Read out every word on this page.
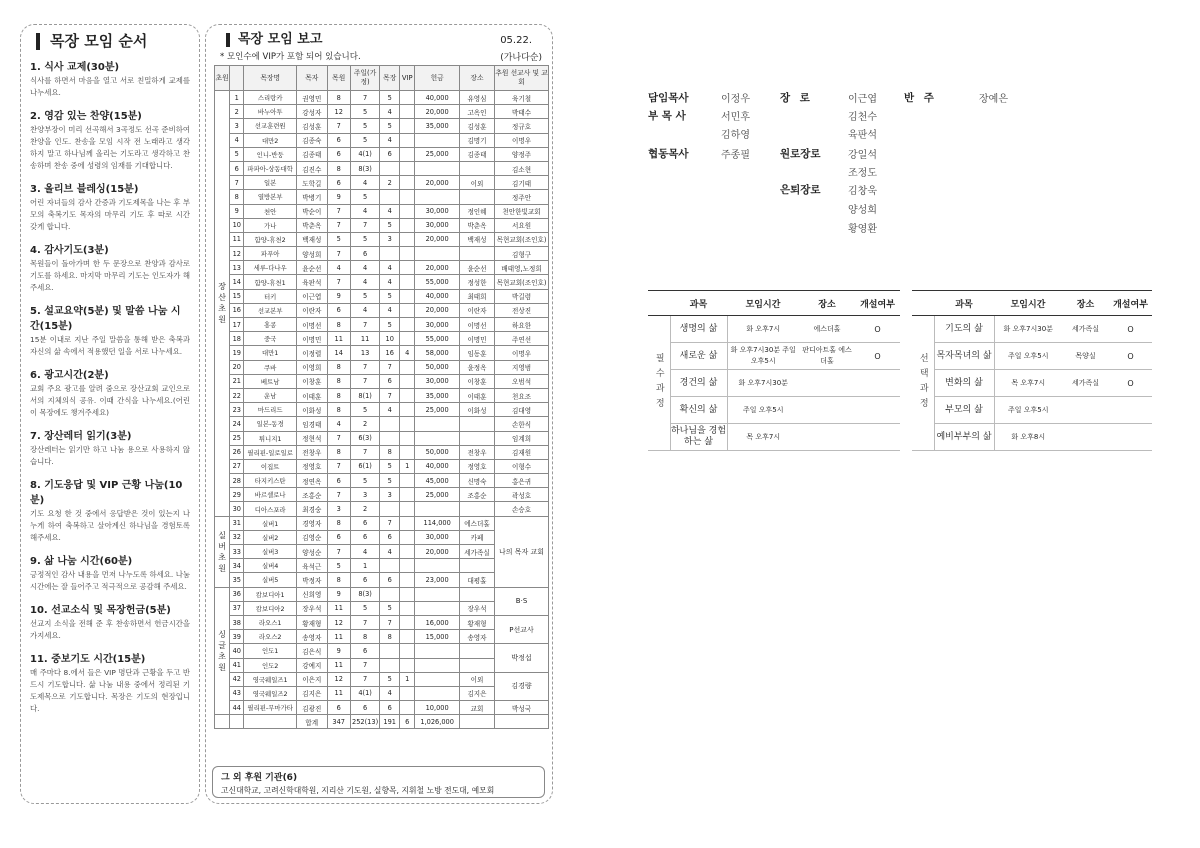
목장 모임 순서
1. 식사 교제(30분)
식사를 하면서 마음을 열고 서로 친밀하게 교제를 나누세요.
2. 영감 있는 찬양(15분)
찬양부장이 미리 선곡해서 3곡정도 선곡 준비하여 찬양을 인도. 찬송을 모임 시작 전 노래라고 생각하지 말고 하나님께 올리는 기도라고 생각하고 찬송하며 찬송 중에 성령의 임재를 기대합니다.
3. 올리브 블레싱(15분)
어린 자녀들의 감사 간증과 기도제목을 나는 후 부모의 축복기도 목자의 마무리 기도 후 따로 시간 갖게 합니다.
4. 감사기도(3분)
목원들이 돌아가며 한 두 문장으로 찬양과 감사로 기도를 하세요. 마지막 마무리 기도는 인도자가 해주세요.
5. 설교요약(5분) 및 말씀 나눔 시간(15분)
15분 이내로 지난 주일 말씀을 통해 받은 축복과 자신의 삶 속에서 적용했던 일을 서로 나누세요.
6. 광고시간(2분)
교회 주요 광고를 알려 줌으로 장산교회 교인으로서의 지체의식 공유. 이때 간식을 나누세요.(어린이 목장에도 챙겨주세요)
7. 장산레터 읽기(3분)
장산레터는 읽기만 하고 나눔 용으로 사용하지 않습니다.
8. 기도응답 및 VIP 근황 나눔(10분)
기도 요청 한 것 중에서 응답받은 것이 있는지 나누게 하여 축복하고 살아계신 하나님을 경험토록 해주세요.
9. 삶 나눔 시간(60분)
긍정적인 감사 내용을 먼저 나누도록 하세요. 나눔 시간에는 잘 들어주고 적극적으로 공감해 주세요.
10. 선교소식 및 목장헌금(5분)
선교지 소식을 전해 준 후 찬송하면서 헌금시간을 가지세요.
11. 중보기도 시간(15분)
매 주마다 8.에서 들은 VIP 명단과 근황을 두고 반드시 기도합니다. 삶 나눔 내용 중에서 정리된 기도제목으로 기도합니다. 목장은 기도의 현장입니다.
목장 모임 보고	05.22.
* 모인수에 VIP가 포함 되어 있습니다.	(가나다순)
초원		목장명	목자	목원	주일(가정)	목장	VIP	헌금	장소	추원 선교사 및 교회
장산초원	1	스리랑카	권영민	8	7	5		40,000	유영심	육기철
	2	바누아투	강성자	12	5	4		20,000	고옥인	박태수
	3	선교훈련원	김성훈	7	5	5		35,000	김성훈	정규호
	4	대만2	김종숙	6	5	4			김명기	이명우
	5	인니-반둥	김종태	6	4(1)	6		25,000	김종태	양정주
	6	파파아-상동대학	김진수	8	8(3)					김소현
	7	일본	도학길	6	4	2		20,000	이외	김기태
	8	열방본부	박병기	9	5					정주안
	9	천안	박순이	7	4	4		30,000	정인혜	천안한빛교회
	10	가나	박춘옥	7	7	5		30,000	박춘옥	서요원
	11	함양-휴천2	백재성	5	5	3		20,000	백재성	목현교회(조인호)
	12	파푸아	양성희	7	6					김형구
	13	세루-다나우	윤순선	4	4	4		20,000	윤순선	배태영,노정희
	14	함양-휴천1	육판석	7	4	4		55,000	정성한	목현교회(조인호)
	15	터키	이근엽	9	5	5		40,000	최태희	박길렴
	16	선교본부	이란자	6	4	4		20,000	이란자	전상진
	17	홍콩	이명선	8	7	5		30,000	이명선	하요한
	18	중국	이명민	11	11	10		55,000	이명민	주연선
	19	대만1	이정렬	14	13	16	4	58,000	임동훈	이명우
	20	쿠바	이영희	8	7	7		50,000	윤정옥	지영범
	21	베트남	이창훈	8	7	6		30,000	이창훈	오범석
	22	운남	이태훈	8	8(1)	7		35,000	이태훈	천요조
	23	마드리드	이화성	8	5	4		25,000	이화성	김대영
	24	일본-동경	임경태	4	2					손한식
	25	튀니지1	정현석	7	6(3)					임계희
	26	필리핀-일로일로	전창우	8	7	8		50,000	전창우	김재원
	27	이집트	정영호	7	6(1)	5	1	40,000	정영호	이형수
	28	타지키스탄	정연옥	6	5	5		45,000	신명숙	홍은귀
	29	바르셀로나	조홍순	7	3	3		25,000	조홍순	곽성호
	30	디아스포라	최경숭	3	2					손승호
실버초원	31	실버1	경영자	8	6	7		114,000	에스더홀	나의 목자 교회
	32	실버2	김영순	6	6	6		30,000	카페	
	33	실버3	양성순	7	4	4		20,000	세가족실	
	34	실버4	육석근	5	1					
	35	실버5	박정자	8	6	6		23,000	대평홀	
싱글초원	36	캄보디아1	신희영	9	8(3)					B·S
	37	캄보디아2	장우석	11	5	5			장우석	
	38	라오스1	황재형	12	7	7		16,000	황재형	P선교사
	39	라오스2	송영자	11	8	8		15,000	송영자	
	40	인도1	김은식	9	6					박정섭
	41	인도2	강예지	11	7					
	42	영국웨일즈1	이은지	12	7	5	1		이외	김경량
	43	영국웨일즈2	김지은	11	4(1)	4			김지은	
	44	필리핀-무마가타	김광진	6	6	6		10,000	교회	박성국
			합계	347	252(13)	191	6	1,026,000		
그 외 후원 기관(6)
고신대학교, 고려신학대학원, 지리산 기도원, 실향목, 지휘철 노방 전도대, 예모회
담임목사	이정우
부 목 사	서민후
김하영
협동목사	주종필
장 로	이근엽
김천수
육판석
원로장로	강일석
조정도
은퇴장로	김창욱
양성희
황영환
반 주	장예은
	과목	모임시간	장소	개설여부
필수과정	생명의 삶	화 오후7시	에스더홀	O
	새로운 삶	화 오후7시30분 주일 오후5시	판디아트홀 에스더홀	O
	경건의 삶	화 오후7시30분		
	확신의 삶	주일 오후5시		
	하나님을 경험하는 삶	목 오후7시		
	과목	모임시간	장소	개설여부
선택과정	기도의 삶	화 오후7시30분	세가족실	O
	목자목녀의 삶	주일 오후5시	목양실	O
	변화의 삶	목 오후7시	세가족실	O
	부모의 삶	주일 오후5시		
	예비부부의 삶	화 오후8시		
